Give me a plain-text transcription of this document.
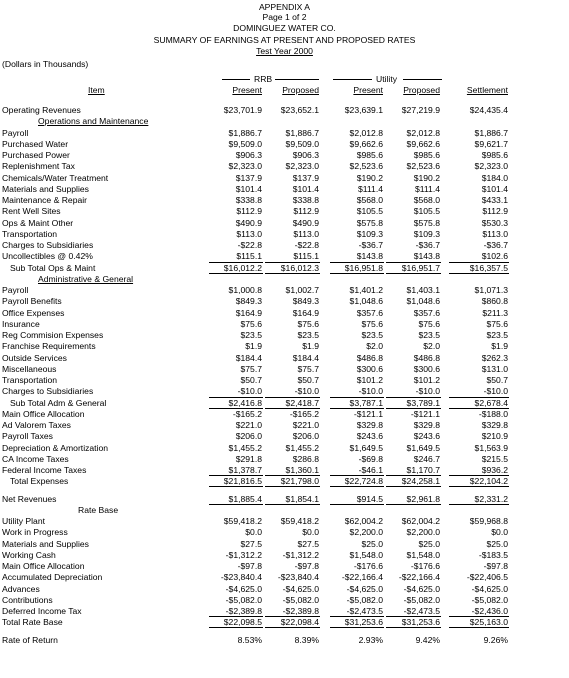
APPENDIX A
Page 1 of 2
DOMINGUEZ WATER CO.
SUMMARY OF EARNINGS AT PRESENT AND PROPOSED RATES
Test Year 2000
(Dollars in Thousands)
RRB	Utility
Item	Present	Proposed	Present	Proposed	Settlement
Operating Revenues	$23,701.9	$23,652.1	$23,639.1	$27,219.9	$24,435.4
Operations and Maintenance
Payroll	$1,886.7	$1,886.7	$2,012.8	$2,012.8	$1,886.7
Purchased Water	$9,509.0	$9,509.0	$9,662.6	$9,662.6	$9,621.7
Purchased Power	$906.3	$906.3	$985.6	$985.6	$985.6
Replenishment Tax	$2,323.0	$2,323.0	$2,523.6	$2,523.6	$2,323.0
Chemicals/Water Treatment	$137.9	$137.9	$190.2	$190.2	$184.0
Materials and Supplies	$101.4	$101.4	$111.4	$111.4	$101.4
Maintenance & Repair	$338.8	$338.8	$568.0	$568.0	$433.1
Rent Well Sites	$112.9	$112.9	$105.5	$105.5	$112.9
Ops & Maint Other	$490.9	$490.9	$575.8	$575.8	$530.3
Transportation	$113.0	$113.0	$109.3	$109.3	$113.0
Charges to Subsidiaries	-$22.8	-$22.8	-$36.7	-$36.7	-$36.7
Uncollectibles @ 0.42%	$115.1	$115.1	$143.8	$143.8	$102.6
Sub Total Ops & Maint	$16,012.2	$16,012.3	$16,951.8	$16,951.7	$16,357.5
Administrative & General
Payroll	$1,000.8	$1,002.7	$1,401.2	$1,403.1	$1,071.3
Payroll Benefits	$849.3	$849.3	$1,048.6	$1,048.6	$860.8
Office Expenses	$164.9	$164.9	$357.6	$357.6	$211.3
Insurance	$75.6	$75.6	$75.6	$75.6	$75.6
Reg Commision Expenses	$23.5	$23.5	$23.5	$23.5	$23.5
Franchise Requirements	$1.9	$1.9	$2.0	$2.0	$1.9
Outside Services	$184.4	$184.4	$486.8	$486.8	$262.3
Miscellaneous	$75.7	$75.7	$300.6	$300.6	$131.0
Transportation	$50.7	$50.7	$101.2	$101.2	$50.7
Charges to Subsidiaries	-$10.0	-$10.0	-$10.0	-$10.0	-$10.0
Sub Total Adm & General	$2,416.8	$2,418.7	$3,787.1	$3,789.1	$2,678.4
Main Office Allocation	-$165.2	-$165.2	-$121.1	-$121.1	-$188.0
Ad Valorem Taxes	$221.0	$221.0	$329.8	$329.8	$329.8
Payroll Taxes	$206.0	$206.0	$243.6	$243.6	$210.9
Depreciation & Amortization	$1,455.2	$1,455.2	$1,649.5	$1,649.5	$1,563.9
CA Income Taxes	$291.8	$286.8	-$69.8	$246.7	$215.5
Federal Income Taxes	$1,378.7	$1,360.1	-$46.1	$1,170.7	$936.2
Total Expenses	$21,816.5	$21,798.0	$22,724.8	$24,258.1	$22,104.2
Net Revenues	$1,885.4	$1,854.1	$914.5	$2,961.8	$2,331.2
Rate Base
Utility Plant	$59,418.2	$59,418.2	$62,004.2	$62,004.2	$59,968.8
Work in Progress	$0.0	$0.0	$2,200.0	$2,200.0	$0.0
Materials and Supplies	$27.5	$27.5	$25.0	$25.0	$25.0
Working Cash	-$1,312.2	-$1,312.2	$1,548.0	$1,548.0	-$183.5
Main Office Allocation	-$97.8	-$97.8	-$176.6	-$176.6	-$97.8
Accumulated Depreciation	-$23,840.4	-$23,840.4	-$22,166.4	-$22,166.4	-$22,406.5
Advances	-$4,625.0	-$4,625.0	-$4,625.0	-$4,625.0	-$4,625.0
Contributions	-$5,082.0	-$5,082.0	-$5,082.0	-$5,082.0	-$5,082.0
Deferred Income Tax	-$2,389.8	-$2,389.8	-$2,473.5	-$2,473.5	-$2,436.0
Total Rate Base	$22,098.5	$22,098.4	$31,253.6	$31,253.6	$25,163.0
Rate of Return	8.53%	8.39%	2.93%	9.42%	9.26%
